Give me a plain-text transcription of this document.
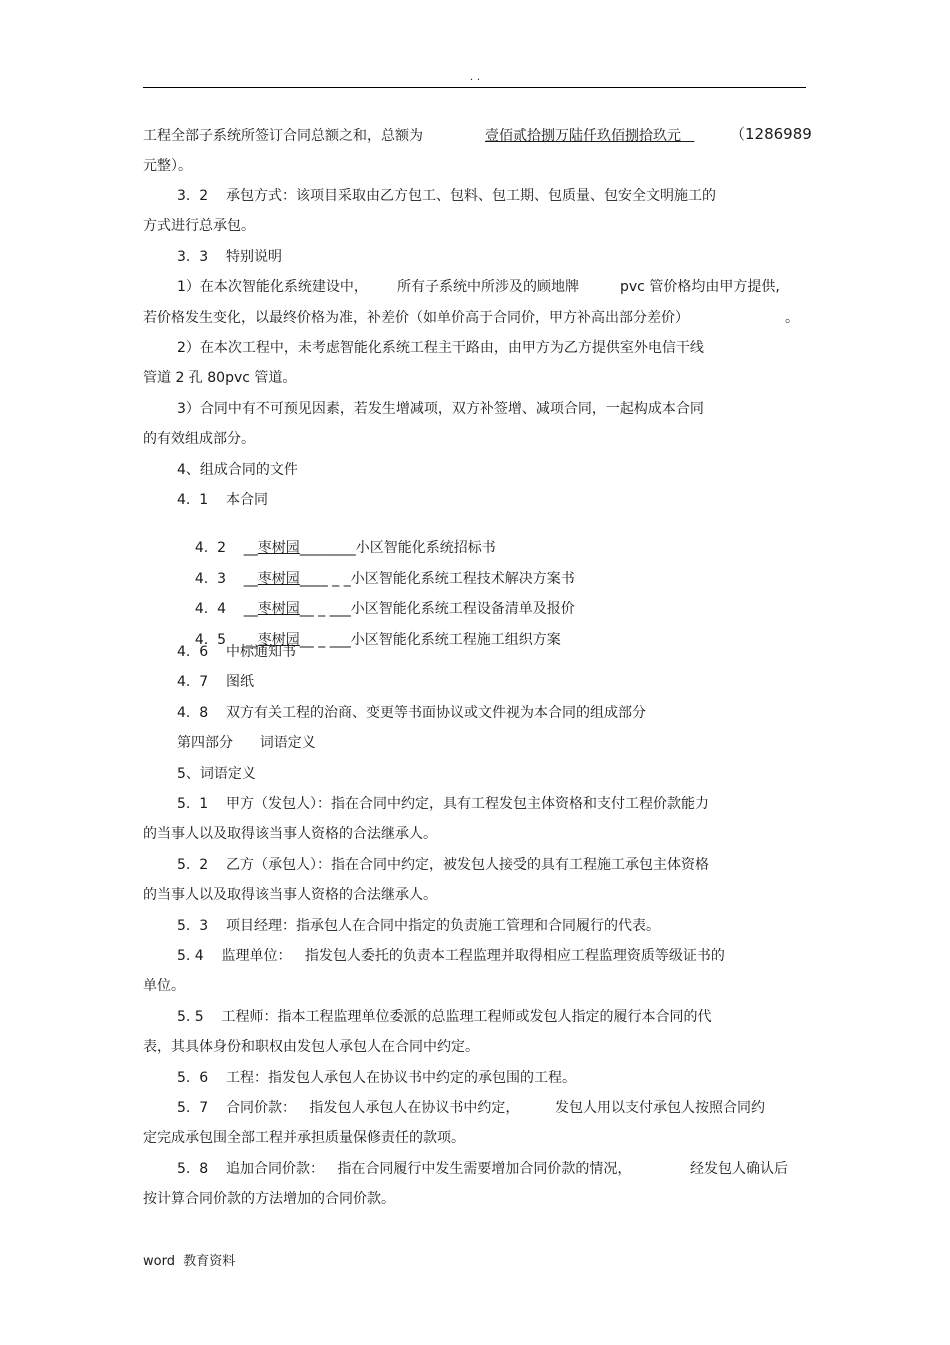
. .
工程全部子系统所签订合同总额之和，总额为	壹佰贰拾捌万陆仟玖佰捌拾玖元	（1286989
元整）。
3.  2    承包方式：该项目采取由乙方包工、包料、包工期、包质量、包安全文明施工的
方式进行总承包。
3.  3    特别说明
1）在本次智能化系统建设中， 所有子系统中所涉及的顾地牌	pvc 管价格均由甲方提供,
若价格发生变化，以最终价格为准，补差价（如单价高于合同价，甲方补高出部分差价）	。
2）在本次工程中，未考虑智能化系统工程主干路由，由甲方为乙方提供室外电信干线
管道 2 孔 80pvc 管道。
3）合同中有不可预见因素，若发生增减项，双方补签增、减项合同，一起构成本合同
的有效组成部分。
4、组成合同的文件
4.  1    本合同

4.  2 __枣树园________小区智能化系统招标书

4.  3 __枣树园____ _ _小区智能化系统工程技术解决方案书

4.  4 __枣树园__ _ ___小区智能化系统工程设备清单及报价

4.  5 __枣树园__ _ ___小区智能化系统工程施工组织方案

4.  6    中标通知书
4.  7    图纸
4.  8    双方有关工程的治商、变更等书面协议或文件视为本合同的组成部分
第四部分      词语定义
5、词语定义
5.  1    甲方（发包人）：指在合同中约定，具有工程发包主体资格和支付工程价款能力
的当事人以及取得该当事人资格的合法继承人。
5.  2    乙方（承包人）：指在合同中约定，被发包人接受的具有工程施工承包主体资格
的当事人以及取得该当事人资格的合法继承人。
5.  3    项目经理：指承包人在合同中指定的负责施工管理和合同履行的代表。
5. 4    监理单位：   指发包人委托的负责本工程监理并取得相应工程监理资质等级证书的
单位。
5. 5    工程师：指本工程监理单位委派的总监理工程师或发包人指定的履行本合同的代
表，其具体身份和职权由发包人承包人在合同中约定。
5.  6    工程：指发包人承包人在协议书中约定的承包围的工程。
5.  7    合同价款：   指发包人承包人在协议书中约定，	发包人用以支付承包人按照合同约
定完成承包围全部工程并承担质量保修责任的款项。
5.  8    追加合同价款：   指在合同履行中发生需要增加合同价款的情况，	经发包人确认后
按计算合同价款的方法增加的合同价款。
word  教育资料
